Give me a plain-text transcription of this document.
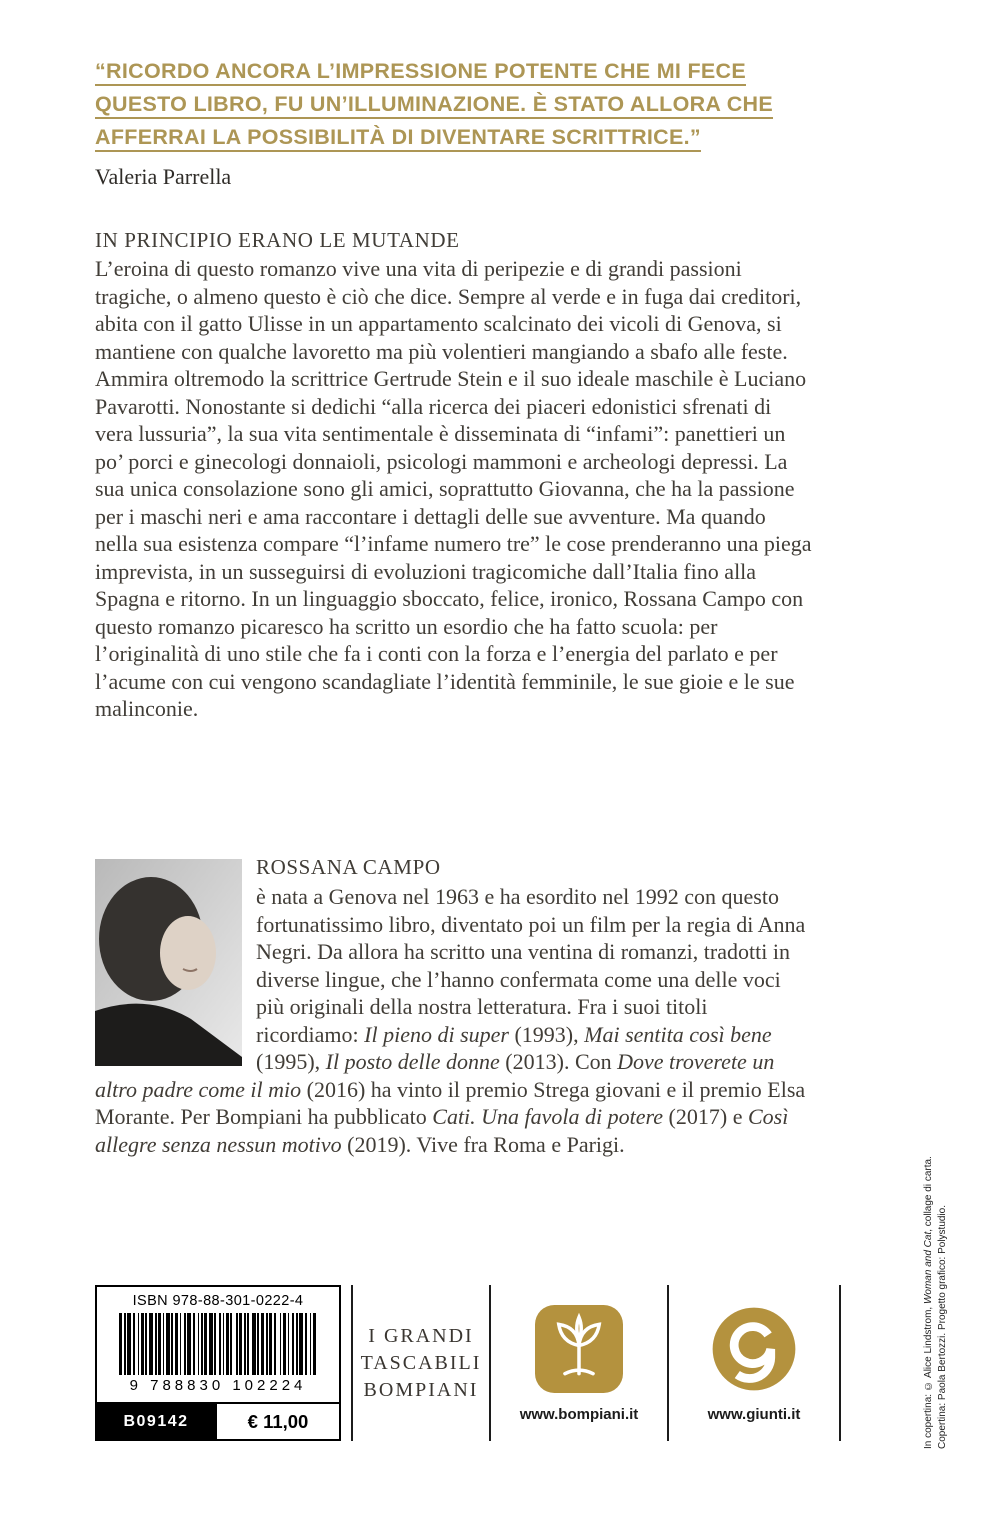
“RICORDO ANCORA L’IMPRESSIONE POTENTE CHE MI FECE
QUESTO LIBRO, FU UN’ILLUMINAZIONE. È STATO ALLORA CHE
AFFERRAI LA POSSIBILITÀ DI DIVENTARE SCRITTRICE.”
Valeria Parrella
IN PRINCIPIO ERANO LE MUTANDE

L’eroina di questo romanzo vive una vita di peripezie e di grandi passioni tragiche, o almeno questo è ciò che dice. Sempre al verde e in fuga dai creditori, abita con il gatto Ulisse in un appartamento scalcinato dei vicoli di Genova, si mantiene con qualche lavoretto ma più volentieri mangiando a sbafo alle feste. Ammira oltremodo la scrittrice Gertrude Stein e il suo ideale maschile è Luciano Pavarotti. Nonostante si dedichi “alla ricerca dei piaceri edonistici sfrenati di vera lussuria”, la sua vita sentimentale è disseminata di “infami”: panettieri un po’ porci e ginecologi donnaioli, psicologi mammoni e archeologi depressi. La sua unica consolazione sono gli amici, soprattutto Giovanna, che ha la passione per i maschi neri e ama raccontare i dettagli delle sue avventure. Ma quando nella sua esistenza compare “l’infame numero tre” le cose prenderanno una piega imprevista, in un susseguirsi di evoluzioni tragicomiche dall’Italia fino alla Spagna e ritorno. In un linguaggio sboccato, felice, ironico, Rossana Campo con questo romanzo picaresco ha scritto un esordio che ha fatto scuola: per l’originalità di uno stile che fa i conti con la forza e l’energia del parlato e per l’acume con cui vengono scandagliate l’identità femminile, le sue gioie e le sue malinconie.

ROSSANA CAMPO

è nata a Genova nel 1963 e ha esordito nel 1992 con questo fortunatissimo libro, diventato poi un film per la regia di Anna Negri. Da allora ha scritto una ventina di romanzi, tradotti in diverse lingue, che l’hanno confermata come una delle voci più originali della nostra letteratura. Fra i suoi titoli ricordiamo: Il pieno di super (1993), Mai sentita così bene (1995), Il posto delle donne (2013). Con Dove troverete un altro padre come il mio (2016) ha vinto il premio Strega giovani e il premio Elsa Morante. Per Bompiani ha pubblicato Cati. Una favola di potere (2017) e Così allegre senza nessun motivo (2019). Vive fra Roma e Parigi.

ISBN 978-88-301-0222-4
9 788830 102224
B09142	€ 11,00
I GRANDI
TASCABILI
BOMPIANI
www.bompiani.it	www.giunti.it	In copertina: © Alice Lindstrom, Woman and Cat, collage di carta.
Copertina: Paola Bertozzi. Progetto grafico: Polystudio.
